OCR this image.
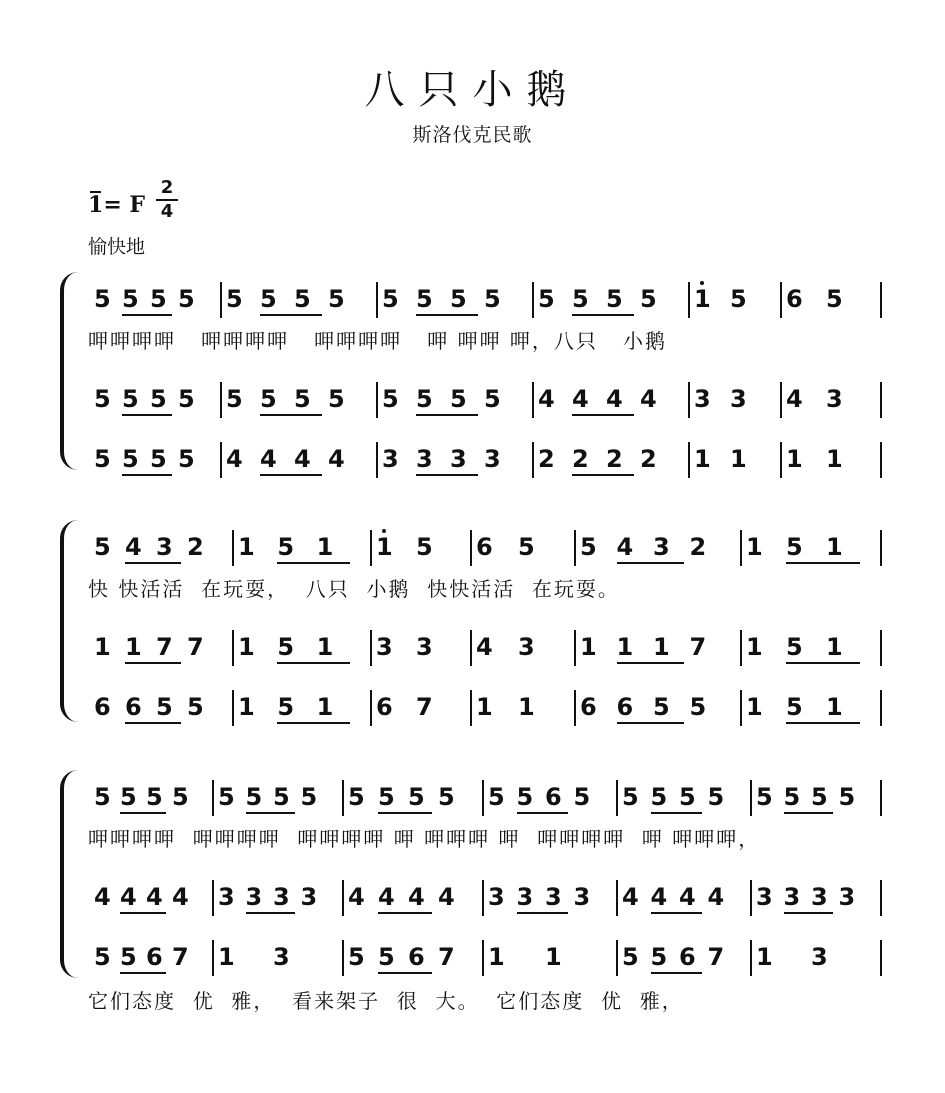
八只小鹅
斯洛伐克民歌
1= F
2
4
愉快地
5 5 5 5 5 5 5 5 5 5 5 5 5 5 5 5 1 5 6 5
呷呷呷呷   呷呷呷呷   呷呷呷呷   呷 呷呷 呷，八只   小鹅
5 5 5 5 5 5 5 5 5 5 5 5 4 4 4 4 3 3 4 3
5 5 5 5 4 4 4 4 3 3 3 3 2 2 2 2 1 1 1 1
5 4 3 2 1 5 1 1 5 6 5 5 4 3 2 1 5 1
快 快活活  在玩耍，  八只  小鹅  快快活活  在玩耍。
1 1 7 7 1 5 1 3 3 4 3 1 1 1 7 1 5 1
6 6 5 5 1 5 1 6 7 1 1 6 6 5 5 1 5 1
5 5 5 5 5 5 5 5 5 5 5 5 5 5 6 5 5 5 5 5 5 5 5 5
呷呷呷呷  呷呷呷呷  呷呷呷呷 呷 呷呷呷 呷  呷呷呷呷  呷 呷呷呷，
4 4 4 4 3 3 3 3 4 4 4 4 3 3 3 3 4 4 4 4 3 3 3 3
5 5 6 7 1 3 5 5 6 7 1 1	5 5 6 7 1 3
它们态度  优  雅，  看来架子  很  大。  它们态度  优  雅，
